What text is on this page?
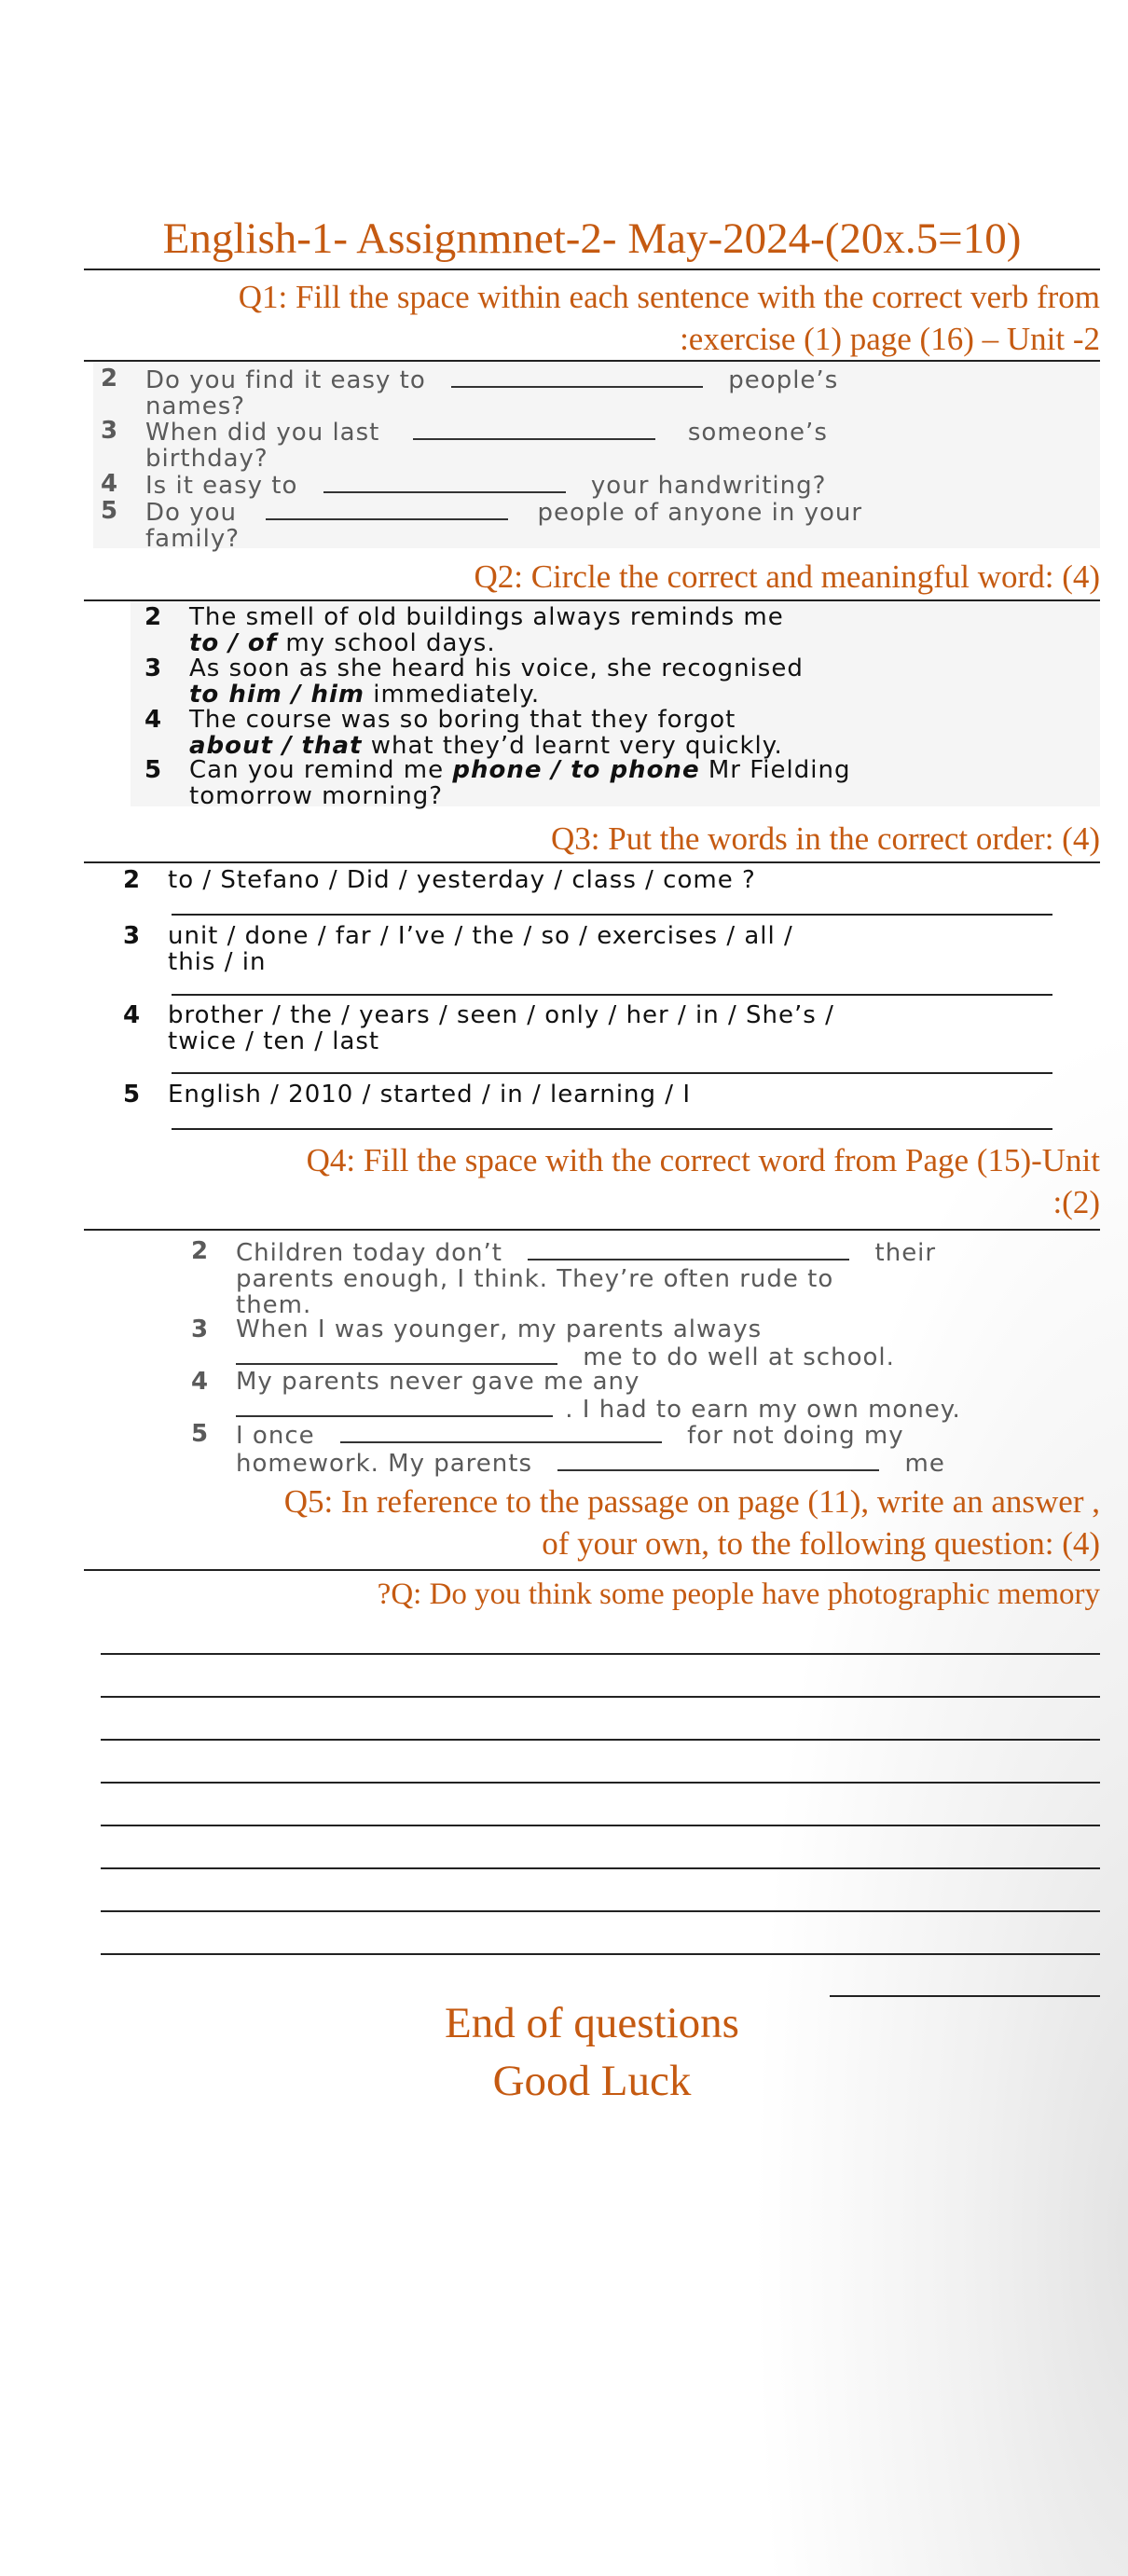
English-1- Assignmnet-2- May-2024-(20x.5=10)
Q1: Fill the space within each sentence with the correct verb from
:exercise (1) page (16) – Unit -2
2 Do you find it easy to	people’s
names?
3 When did you last	someone’s
birthday?
4 Is it easy to	your handwriting?
5 Do you	people of anyone in your
family?
Q2: Circle the correct and meaningful word: (4)
2 The smell of old buildings always reminds me
to / of my school days.
3 As soon as she heard his voice, she recognised
to him / him immediately.
4 The course was so boring that they forgot
about / that what they’d learnt very quickly.
5 Can you remind me phone / to phone Mr Fielding
tomorrow morning?
Q3: Put the words in the correct order: (4)
2 to / Stefano / Did / yesterday / class / come ?
3 unit / done / far / I’ve / the / so / exercises / all /
this / in
4 brother / the / years / seen / only / her / in / She’s /
twice / ten / last
5 English / 2010 / started / in / learning / I
Q4: Fill the space with the correct word from Page (15)-Unit
:(2)
2 Children today don’t	their
parents enough, I think. They’re often rude to
them.
3 When I was younger, my parents always
me to do well at school.
4 My parents never gave me any
. I had to earn my own money.
5 I once	for not doing my
homework. My parents	me
Q5: In reference to the passage on page (11), write an answer ,
of your own, to the following question: (4)
?Q: Do you think some people have photographic memory
End of questions
Good Luck
